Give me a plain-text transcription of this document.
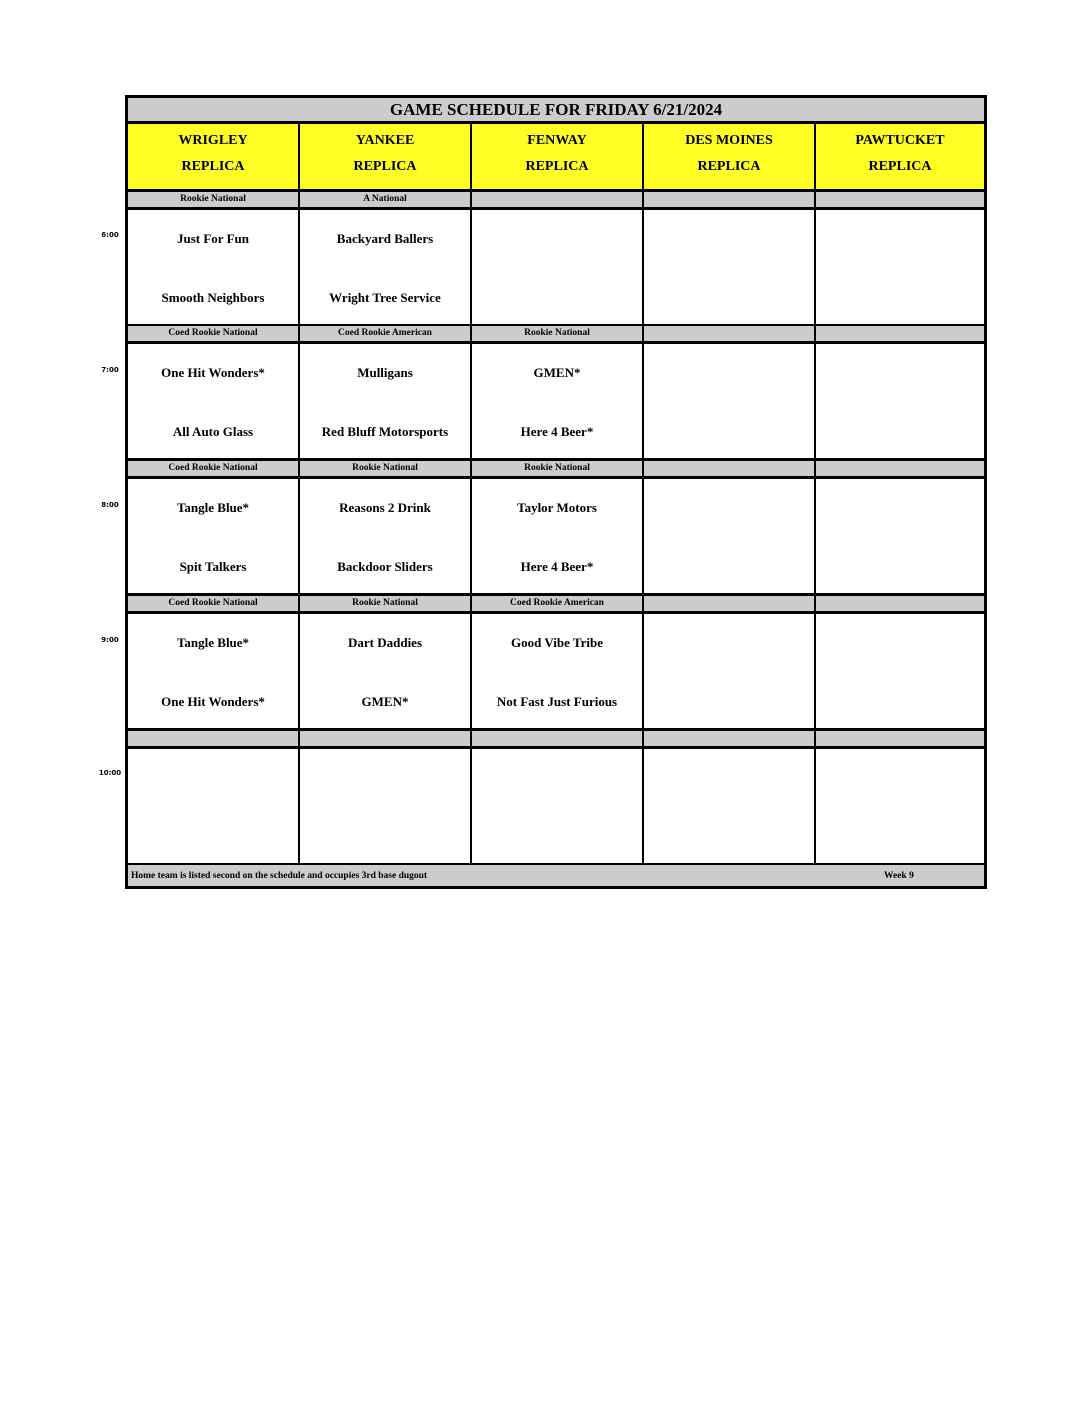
GAME SCHEDULE FOR FRIDAY 6/21/2024
Home team is listed second on the schedule and occupies 3rd base dugout	Week 9
WRIGLEY
REPLICA
YANKEE
REPLICA
FENWAY
REPLICA
DES MOINES
REPLICA
PAWTUCKET
REPLICA
Rookie National
Just For Fun
Smooth Neighbors
A National
Backyard Ballers
Wright Tree Service
Coed Rookie National
One Hit Wonders*
All Auto Glass
Coed Rookie American
Mulligans
Red Bluff Motorsports
Rookie National
GMEN*
Here 4 Beer*
Coed Rookie National
Tangle Blue*
Spit Talkers
Rookie National
Reasons 2 Drink
Backdoor Sliders
Rookie National
Taylor Motors
Here 4 Beer*
Coed Rookie National
Tangle Blue*
One Hit Wonders*
Rookie National
Dart Daddies
GMEN*
Coed Rookie American
Good Vibe Tribe
Not Fast Just Furious
6:00
7:00
8:00
9:00
10:00
